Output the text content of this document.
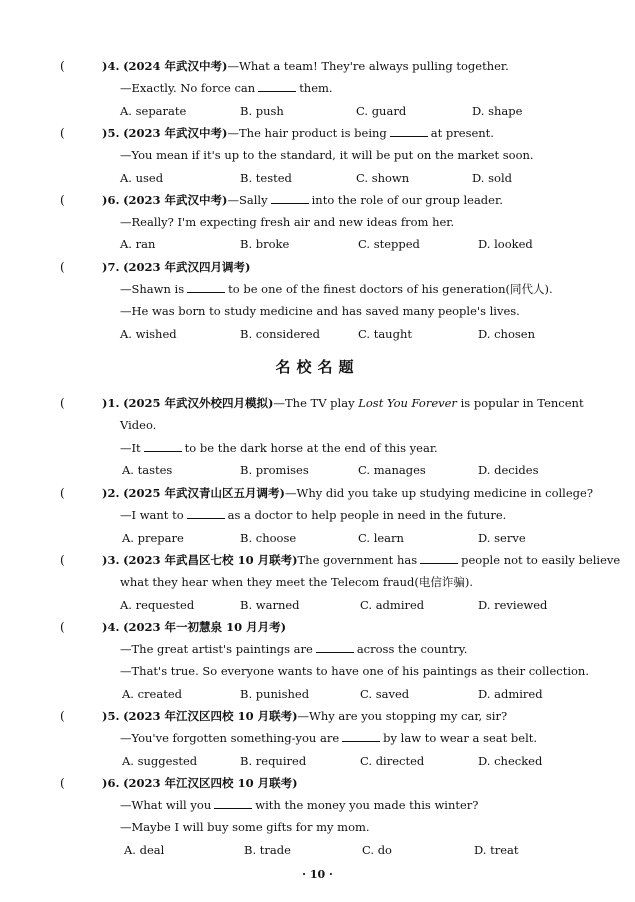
(	)4. (2024 年武汉中考)—What a team! They're always pulling together.
—Exactly. No force can	them.
A. separate	B. push	C. guard	D. shape
(	)5. (2023 年武汉中考)—The hair product is being	at present.
—You mean if it's up to the standard, it will be put on the market soon.
A. used	B. tested	C. shown	D. sold
(	)6. (2023 年武汉中考)—Sally	into the role of our group leader.
—Really? I'm expecting fresh air and new ideas from her.
A. ran	B. broke	C. stepped	D. looked
(	)7. (2023 年武汉四月调考)
—Shawn is	to be one of the finest doctors of his generation(同代人).
—He was born to study medicine and has saved many people's lives.
A. wished	B. considered	C. taught	D. chosen
名校名题
(	)1. (2025 年武汉外校四月模拟)—The TV play Lost You Forever is popular in Tencent
Video.
—It	to be the dark horse at the end of this year.
A. tastes	B. promises	C. manages	D. decides
(	)2. (2025 年武汉青山区五月调考)—Why did you take up studying medicine in college?
—I want to	as a doctor to help people in need in the future.
A. prepare	B. choose	C. learn	D. serve
(	)3. (2023 年武昌区七校 10 月联考)The government has	people not to easily believe
what they hear when they meet the Telecom fraud(电信诈骗).
A. requested	B. warned	C. admired	D. reviewed
(	)4. (2023 年一初慧泉 10 月月考)
—The great artist's paintings are	across the country.
—That's true. So everyone wants to have one of his paintings as their collection.
A. created	B. punished	C. saved	D. admired
(	)5. (2023 年江汉区四校 10 月联考)—Why are you stopping my car, sir?
—You've forgotten something-you are	by law to wear a seat belt.
A. suggested	B. required	C. directed	D. checked
(	)6. (2023 年江汉区四校 10 月联考)
—What will you	with the money you made this winter?
—Maybe I will buy some gifts for my mom.
A. deal	B. trade	C. do	D. treat
· 10 ·
